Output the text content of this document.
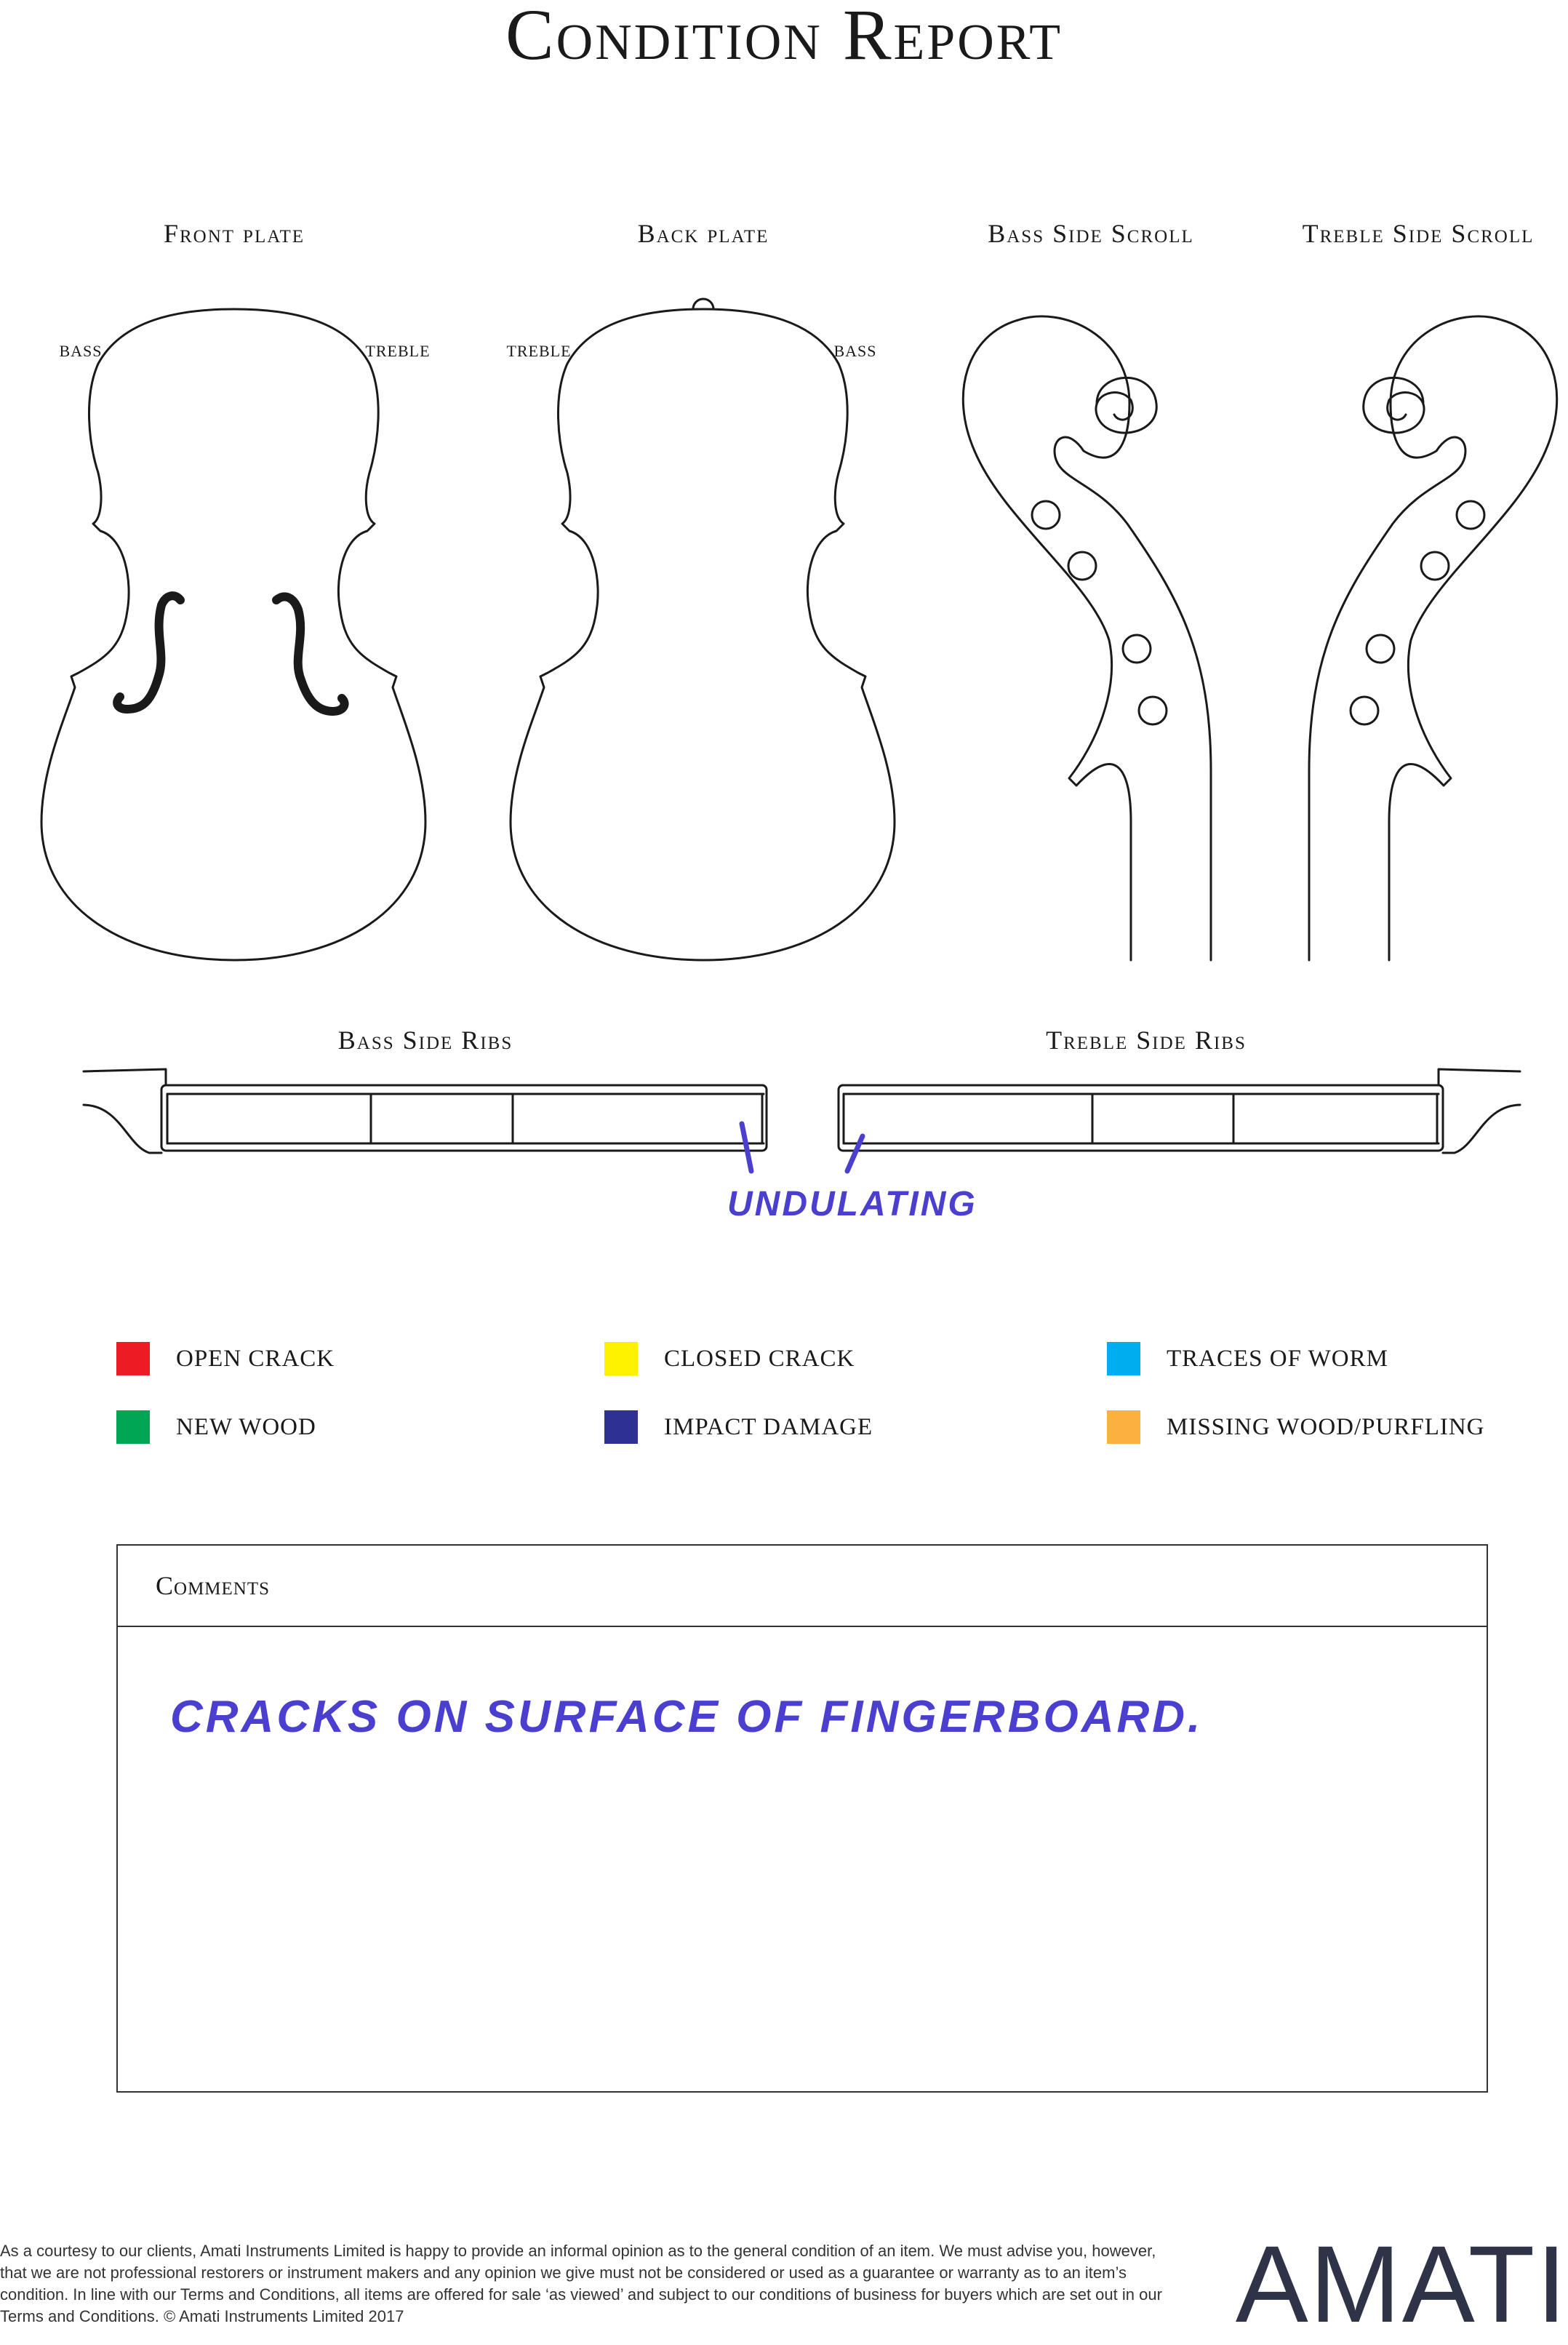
Condition Report
Front plate	Back plate	Bass Side Scroll	Treble Side Scroll
Bass Side Ribs	Treble Side Ribs
BASS	TREBLE	TREBLE	BASS
UNDULATING
OPEN CRACK	CLOSED CRACK	TRACES OF WORM
NEW WOOD	IMPACT DAMAGE	MISSING WOOD/PURFLING
Comments
CRACKS ON SURFACE OF FINGERBOARD.
As a courtesy to our clients, Amati Instruments Limited is happy to provide an informal opinion as to the general condition of an item. We must advise you, however, that we are not professional restorers or instrument makers and any opinion we give must not be considered or used as a guarantee or warranty as to an item’s condition. In line with our Terms and Conditions, all items are offered for sale ‘as viewed’ and subject to our conditions of business for buyers which are set out in our Terms and Conditions. © Amati Instruments Limited 2017	AMATI
